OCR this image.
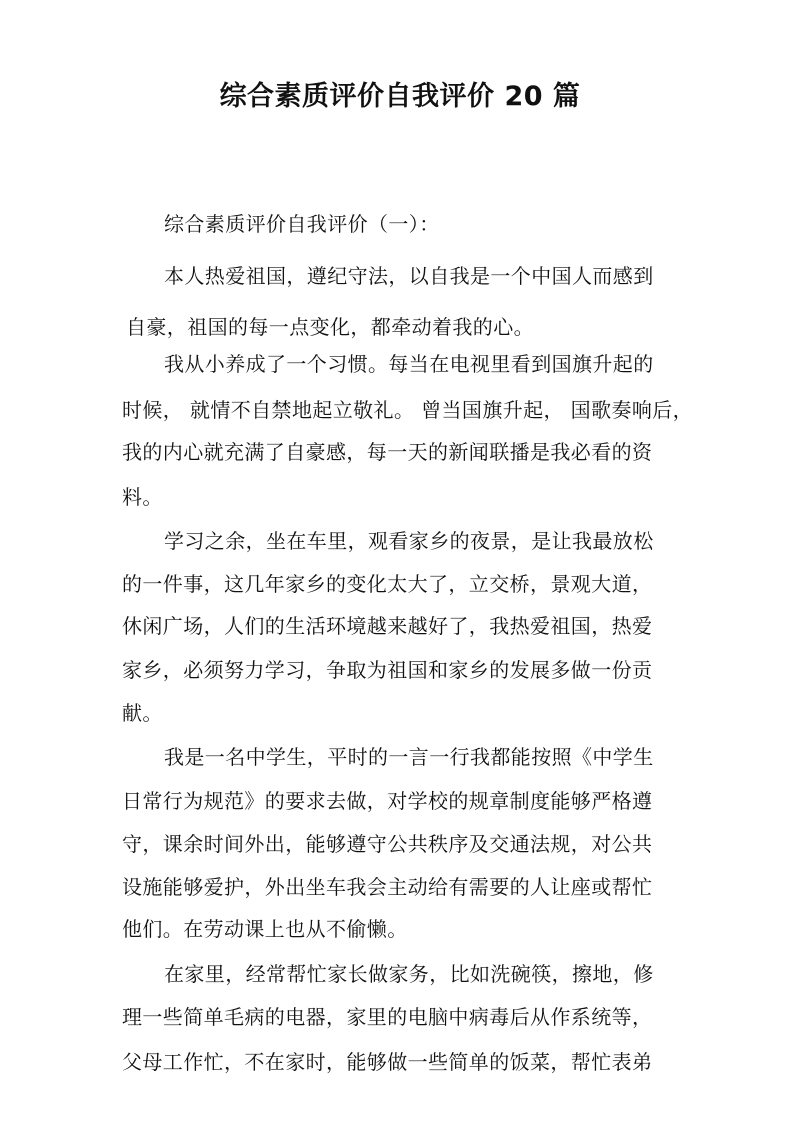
综合素质评价自我评价 20 篇
综合素质评价自我评价（一）：
本人热爱祖国，遵纪守法，以自我是一个中国人而感到
自豪，祖国的每一点变化，都牵动着我的心。
我从小养成了一个习惯。每当在电视里看到国旗升起的
时候， 就情不自禁地起立敬礼。 曾当国旗升起， 国歌奏响后，
我的内心就充满了自豪感，每一天的新闻联播是我必看的资
料。
学习之余，坐在车里，观看家乡的夜景，是让我最放松
的一件事，这几年家乡的变化太大了，立交桥，景观大道，
休闲广场，人们的生活环境越来越好了，我热爱祖国，热爱
家乡，必须努力学习，争取为祖国和家乡的发展多做一份贡
献。
我是一名中学生，平时的一言一行我都能按照《中学生
日常行为规范》的要求去做，对学校的规章制度能够严格遵
守，课余时间外出，能够遵守公共秩序及交通法规，对公共
设施能够爱护，外出坐车我会主动给有需要的人让座或帮忙
他们。在劳动课上也从不偷懒。
在家里，经常帮忙家长做家务，比如洗碗筷，擦地，修
理一些简单毛病的电器，家里的电脑中病毒后从作系统等，
父母工作忙，不在家时，能够做一些简单的饭菜，帮忙表弟
